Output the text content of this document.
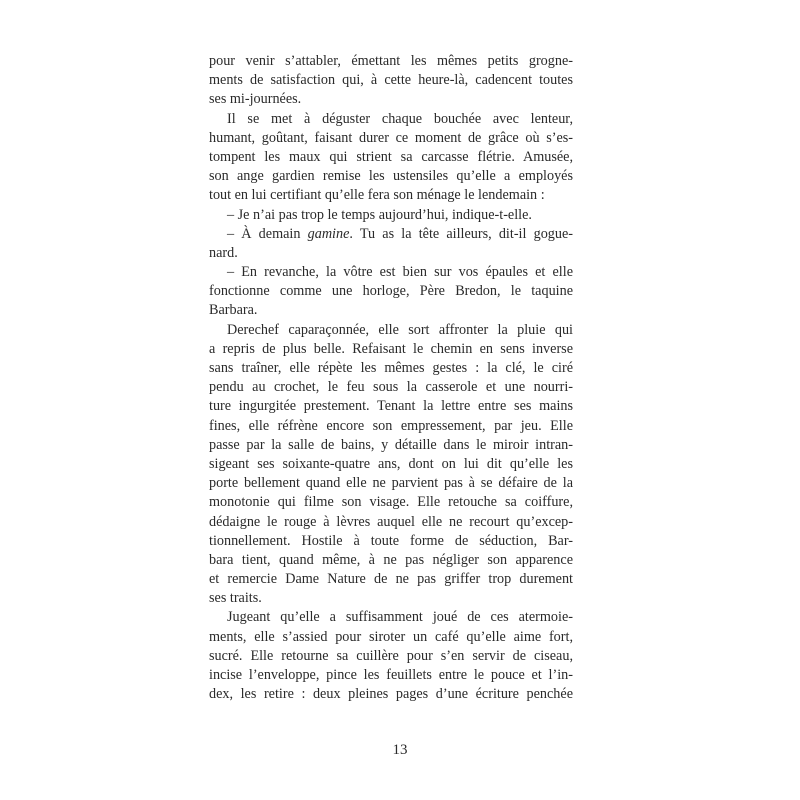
pour venir s’attabler, émettant les mêmes petits grogne-
ments de satisfaction qui, à cette heure-là, cadencent toutes
ses mi-journées.
Il se met à déguster chaque bouchée avec lenteur,
humant, goûtant, faisant durer ce moment de grâce où s’es-
tompent les maux qui strient sa carcasse flétrie. Amusée,
son ange gardien remise les ustensiles qu’elle a employés
tout en lui certifiant qu’elle fera son ménage le lendemain :
– Je n’ai pas trop le temps aujourd’hui, indique-t-elle.
– À demain gamine. Tu as la tête ailleurs, dit-il gogue-
nard.
– En revanche, la vôtre est bien sur vos épaules et elle
fonctionne comme une horloge, Père Bredon, le taquine
Barbara.
Derechef caparaçonnée, elle sort affronter la pluie qui
a repris de plus belle. Refaisant le chemin en sens inverse
sans traîner, elle répète les mêmes gestes : la clé, le ciré
pendu au crochet, le feu sous la casserole et une nourri-
ture ingurgitée prestement. Tenant la lettre entre ses mains
fines, elle réfrène encore son empressement, par jeu. Elle
passe par la salle de bains, y détaille dans le miroir intran-
sigeant ses soixante-quatre ans, dont on lui dit qu’elle les
porte bellement quand elle ne parvient pas à se défaire de la
monotonie qui filme son visage. Elle retouche sa coiffure,
dédaigne le rouge à lèvres auquel elle ne recourt qu’excep-
tionnellement. Hostile à toute forme de séduction, Bar-
bara tient, quand même, à ne pas négliger son apparence
et remercie Dame Nature de ne pas griffer trop durement
ses traits.
Jugeant qu’elle a suffisamment joué de ces atermoie-
ments, elle s’assied pour siroter un café qu’elle aime fort,
sucré. Elle retourne sa cuillère pour s’en servir de ciseau,
incise l’enveloppe, pince les feuillets entre le pouce et l’in-
dex, les retire : deux pleines pages d’une écriture penchée
13
